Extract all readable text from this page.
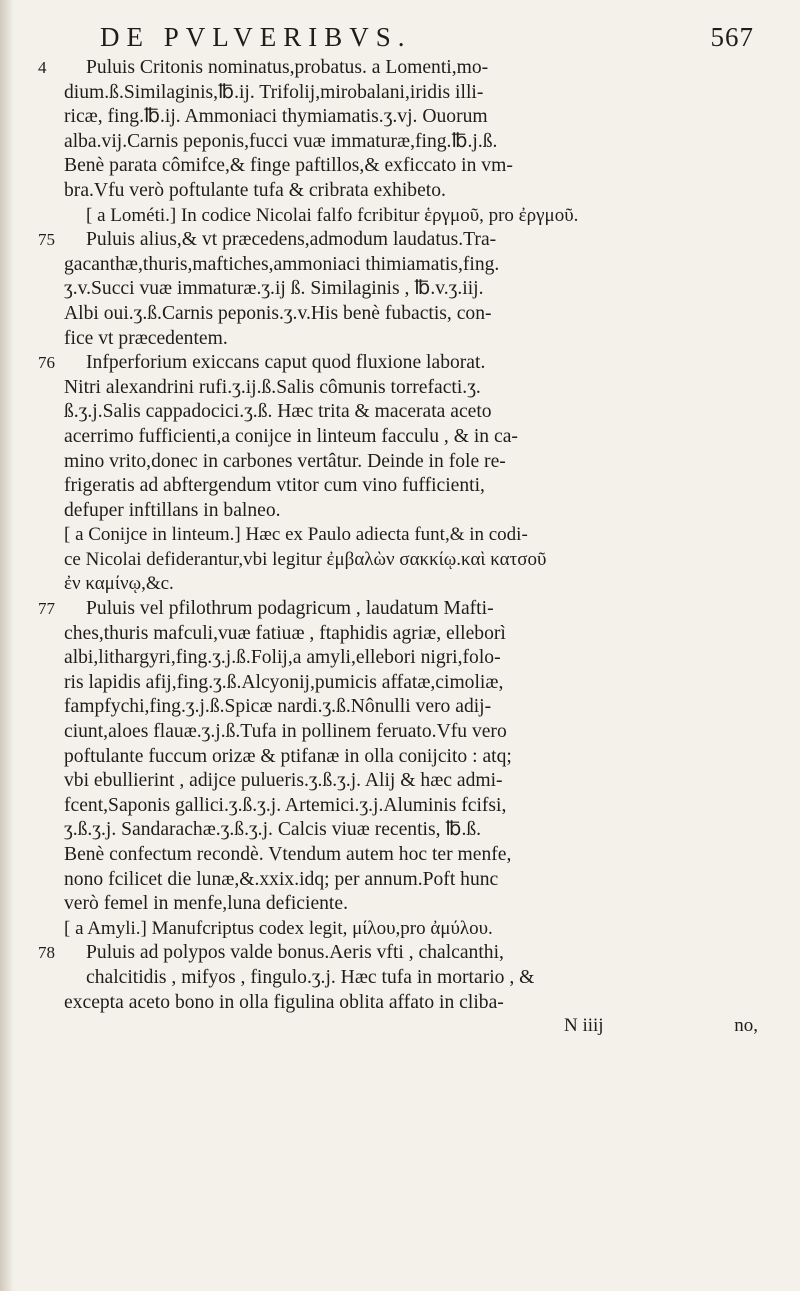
DE PVLVERIBVS.	567
4	Puluis Critonis nominatus,probatus. a Lomenti,mo-
dium.ß.Similaginis,℔.ij. Trifolij,mirobalani,iridis illi-
ricæ, fing.℔.ij. Ammoniaci thymiamatis.ʒ.vj. Ouorum
alba.vij.Carnis peponis,fucci vuæ immaturæ,fing.℔.j.ß.
Benè parata cômifce,& finge paftillos,& exficcato in vm-
bra.Vfu verò poftulante tufa & cribrata exhibeto.
[ a Lométi.] In codice Nicolai falfo fcribitur ἑργμοῦ, pro ἐργμοῦ.
75	Puluis alius,& vt præcedens,admodum laudatus.Tra-
gacanthæ,thuris,maftiches,ammoniaci thimiamatis,fing.
ʒ.v.Succi vuæ immaturæ.ʒ.ij ß. Similaginis , ℔.v.ʒ.iij.
Albi oui.ʒ.ß.Carnis peponis.ʒ.v.His benè fubactis, con-
fice vt præcedentem.
76	Infperforium exiccans caput quod fluxione laborat.
Nitri alexandrini rufi.ʒ.ij.ß.Salis cômunis torrefacti.ʒ.
ß.ʒ.j.Salis cappadocici.ʒ.ß. Hæc trita & macerata aceto
acerrimo fufficienti,a conijce in linteum facculu , & in ca-
mino vrito,donec in carbones vertâtur. Deinde in fole re-
frigeratis ad abftergendum vtitor cum vino fufficienti,
defuper inftillans in balneo.
[ a Conijce in linteum.] Hæc ex Paulo adiecta funt,& in codi-
ce Nicolai defiderantur,vbi legitur ἐμβαλὼν σακκίῳ.καὶ κατσοῦ
ἐν καμίνῳ,&c.
77	Puluis vel pfilothrum podagricum , laudatum Mafti-
ches,thuris mafculi,vuæ fatiuæ , ftaphidis agriæ, elleborì
albi,lithargyri,fing.ʒ.j.ß.Folij,a amyli,ellebori nigri,folo-
ris lapidis afij,fing.ʒ.ß.Alcyonij,pumicis affatæ,cimoliæ,
fampfychi,fing.ʒ.j.ß.Spicæ nardi.ʒ.ß.Nônulli vero adij-
ciunt,aloes flauæ.ʒ.j.ß.Tufa in pollinem feruato.Vfu vero
poftulante fuccum orizæ & ptifanæ in olla conijcito : atq;
vbi ebullierint , adijce pulueris.ʒ.ß.ʒ.j. Alij & hæc admi-
fcent,Saponis gallici.ʒ.ß.ʒ.j. Artemici.ʒ.j.Aluminis fcifsi,
ʒ.ß.ʒ.j. Sandarachæ.ʒ.ß.ʒ.j. Calcis viuæ recentis, ℔.ß.
Benè confectum recondè. Vtendum autem hoc ter menfe,
nono fcilicet die lunæ,&.xxix.idq; per annum.Poft hunc
verò femel in menfe,luna deficiente.
[ a Amyli.] Manufcriptus codex legit, μίλου,pro ἀμύλου.
78	Puluis ad polypos valde bonus.Aeris vfti , chalcanthi,
chalcitidis , mifyos , fingulo.ʒ.j. Hæc tufa in mortario , &
excepta aceto bono in olla figulina oblita affato in cliba-
N iiij	no,
